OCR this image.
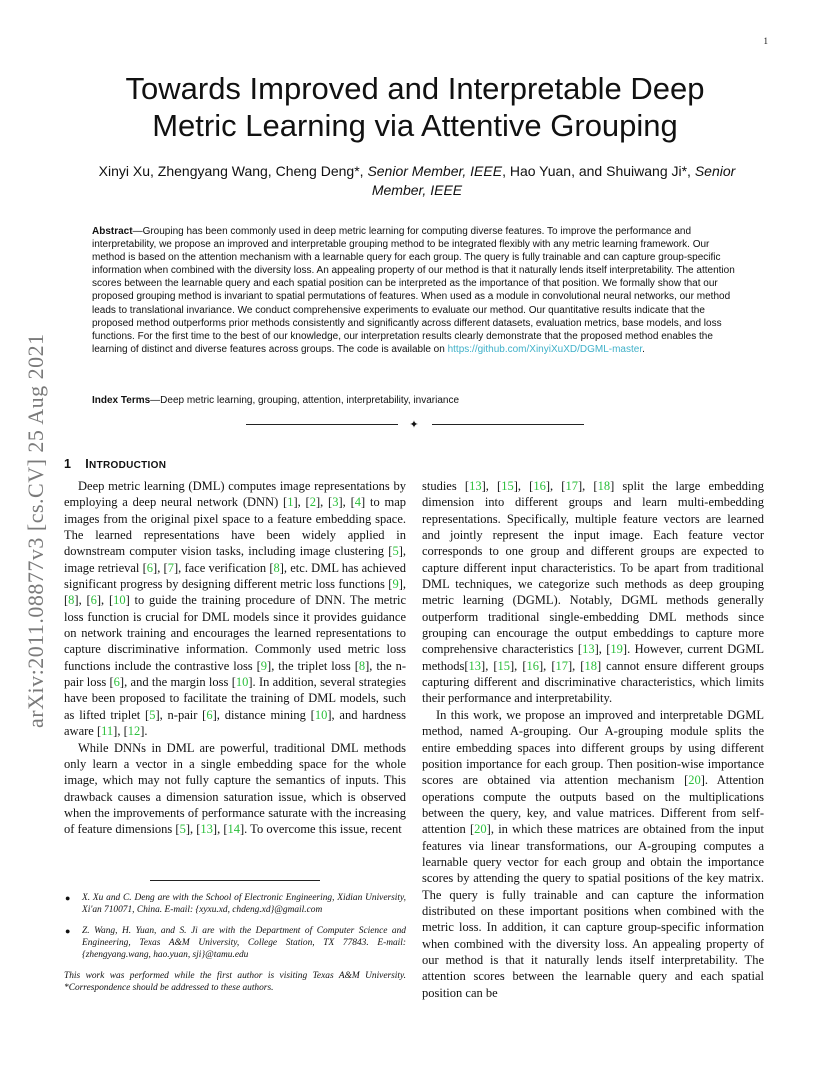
1
arXiv:2011.08877v3 [cs.CV] 25 Aug 2021
Towards Improved and Interpretable Deep Metric Learning via Attentive Grouping
Xinyi Xu, Zhengyang Wang, Cheng Deng*, Senior Member, IEEE, Hao Yuan, and Shuiwang Ji*, Senior Member, IEEE
Abstract—Grouping has been commonly used in deep metric learning for computing diverse features. To improve the performance and interpretability, we propose an improved and interpretable grouping method to be integrated flexibly with any metric learning framework. Our method is based on the attention mechanism with a learnable query for each group. The query is fully trainable and can capture group-specific information when combined with the diversity loss. An appealing property of our method is that it naturally lends itself interpretability. The attention scores between the learnable query and each spatial position can be interpreted as the importance of that position. We formally show that our proposed grouping method is invariant to spatial permutations of features. When used as a module in convolutional neural networks, our method leads to translational invariance. We conduct comprehensive experiments to evaluate our method. Our quantitative results indicate that the proposed method outperforms prior methods consistently and significantly across different datasets, evaluation metrics, base models, and loss functions. For the first time to the best of our knowledge, our interpretation results clearly demonstrate that the proposed method enables the learning of distinct and diverse features across groups. The code is available on https://github.com/XinyiXuXD/DGML-master.
Index Terms—Deep metric learning, grouping, attention, interpretability, invariance
✦
1 INTRODUCTION

Deep metric learning (DML) computes image representations by employing a deep neural network (DNN) [1], [2], [3], [4] to map images from the original pixel space to a feature embedding space. The learned representations have been widely applied in downstream computer vision tasks, including image clustering [5], image retrieval [6], [7], face verification [8], etc. DML has achieved significant progress by designing different metric loss functions [9], [8], [6], [10] to guide the training procedure of DNN. The metric loss function is crucial for DML models since it provides guidance on network training and encourages the learned representations to capture discriminative information. Commonly used metric loss functions include the contrastive loss [9], the triplet loss [8], the n-pair loss [6], and the margin loss [10]. In addition, several strategies have been proposed to facilitate the training of DML models, such as lifted triplet [5], n-pair [6], distance mining [10], and hardness aware [11], [12].

While DNNs in DML are powerful, traditional DML methods only learn a vector in a single embedding space for the whole image, which may not fully capture the semantics of inputs. This drawback causes a dimension saturation issue, which is observed when the improvements of performance saturate with the increasing of feature dimensions [5], [13], [14]. To overcome this issue, recent

studies [13], [15], [16], [17], [18] split the large embedding dimension into different groups and learn multi-embedding representations. Specifically, multiple feature vectors are learned and jointly represent the input image. Each feature vector corresponds to one group and different groups are expected to capture different input characteristics. To be apart from traditional DML techniques, we categorize such methods as deep grouping metric learning (DGML). Notably, DGML methods generally outperform traditional single-embedding DML methods since grouping can encourage the output embeddings to capture more comprehensive characteristics [13], [19]. However, current DGML methods[13], [15], [16], [17], [18] cannot ensure different groups capturing different and discriminative characteristics, which limits their performance and interpretability.

In this work, we propose an improved and interpretable DGML method, named A-grouping. Our A-grouping module splits the entire embedding spaces into different groups by using different position importance for each group. Then position-wise importance scores are obtained via attention mechanism [20]. Attention operations compute the outputs based on the multiplications between the query, key, and value matrices. Different from self-attention [20], in which these matrices are obtained from the input features via linear transformations, our A-grouping computes a learnable query vector for each group and obtain the importance scores by attending the query to spatial positions of the key matrix. The query is fully trainable and can capture the information distributed on these important positions when combined with the metric loss. In addition, it can capture group-specific information when combined with the diversity loss. An appealing property of our method is that it naturally lends itself interpretability. The attention scores between the learnable query and each spatial position can be

● X. Xu and C. Deng are with the School of Electronic Engineering, Xidian University, Xi'an 710071, China. E-mail: {xyxu.xd, chdeng.xd}@gmail.com
● Z. Wang, H. Yuan, and S. Ji are with the Department of Computer Science and Engineering, Texas A&M University, College Station, TX 77843. E-mail: {zhengyang.wang, hao.yuan, sji}@tamu.edu
This work was performed while the first author is visiting Texas A&M University. *Correspondence should be addressed to these authors.
